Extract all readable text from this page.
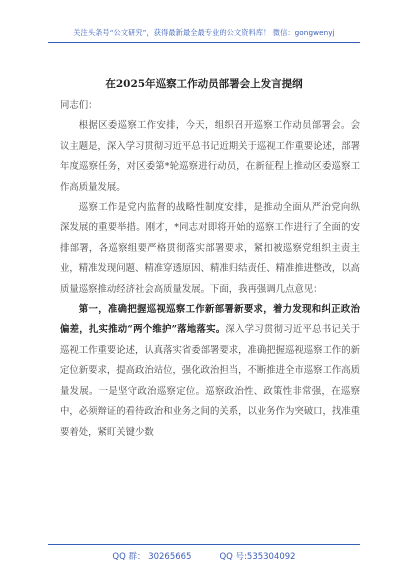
关注头条号“公文研究”，获得最新最全最专业的公文资料库！ 微信：gongwenyj
在2025年巡察工作动员部署会上发言提纲

同志们：

根据区委巡察工作安排，今天，组织召开巡察工作动员部署会。会议主题是，深入学习贯彻习近平总书记近期关于巡视工作重要论述，部署年度巡察任务，对区委第*轮巡察进行动员，在新征程上推动区委巡察工作高质量发展。

巡察工作是党内监督的战略性制度安排，是推动全面从严治党向纵深发展的重要举措。刚才，*同志对即将开始的巡察工作进行了全面的安排部署，各巡察组要严格贯彻落实部署要求，紧扣被巡察党组织主责主业，精准发现问题、精准穿透原因、精准归结责任、精准推进整改，以高质量巡察推动经济社会高质量发展。下面，我再强调几点意见：

第一，准确把握巡视巡察工作新部署新要求，着力发现和纠正政治偏差，扎实推动“两个维护”落地落实。深入学习贯彻习近平总书记关于巡视工作重要论述，认真落实省委部署要求，准确把握巡视巡察工作的新定位新要求，提高政治站位，强化政治担当，不断推进全市巡察工作高质量发展。一是坚守政治巡察定位。巡察政治性、政策性非常强，在巡察中，必须辩证的看待政治和业务之间的关系，以业务作为突破口，找准重要着处，紧盯关键少数

QQ 群： 30265665	QQ 号:535304092
